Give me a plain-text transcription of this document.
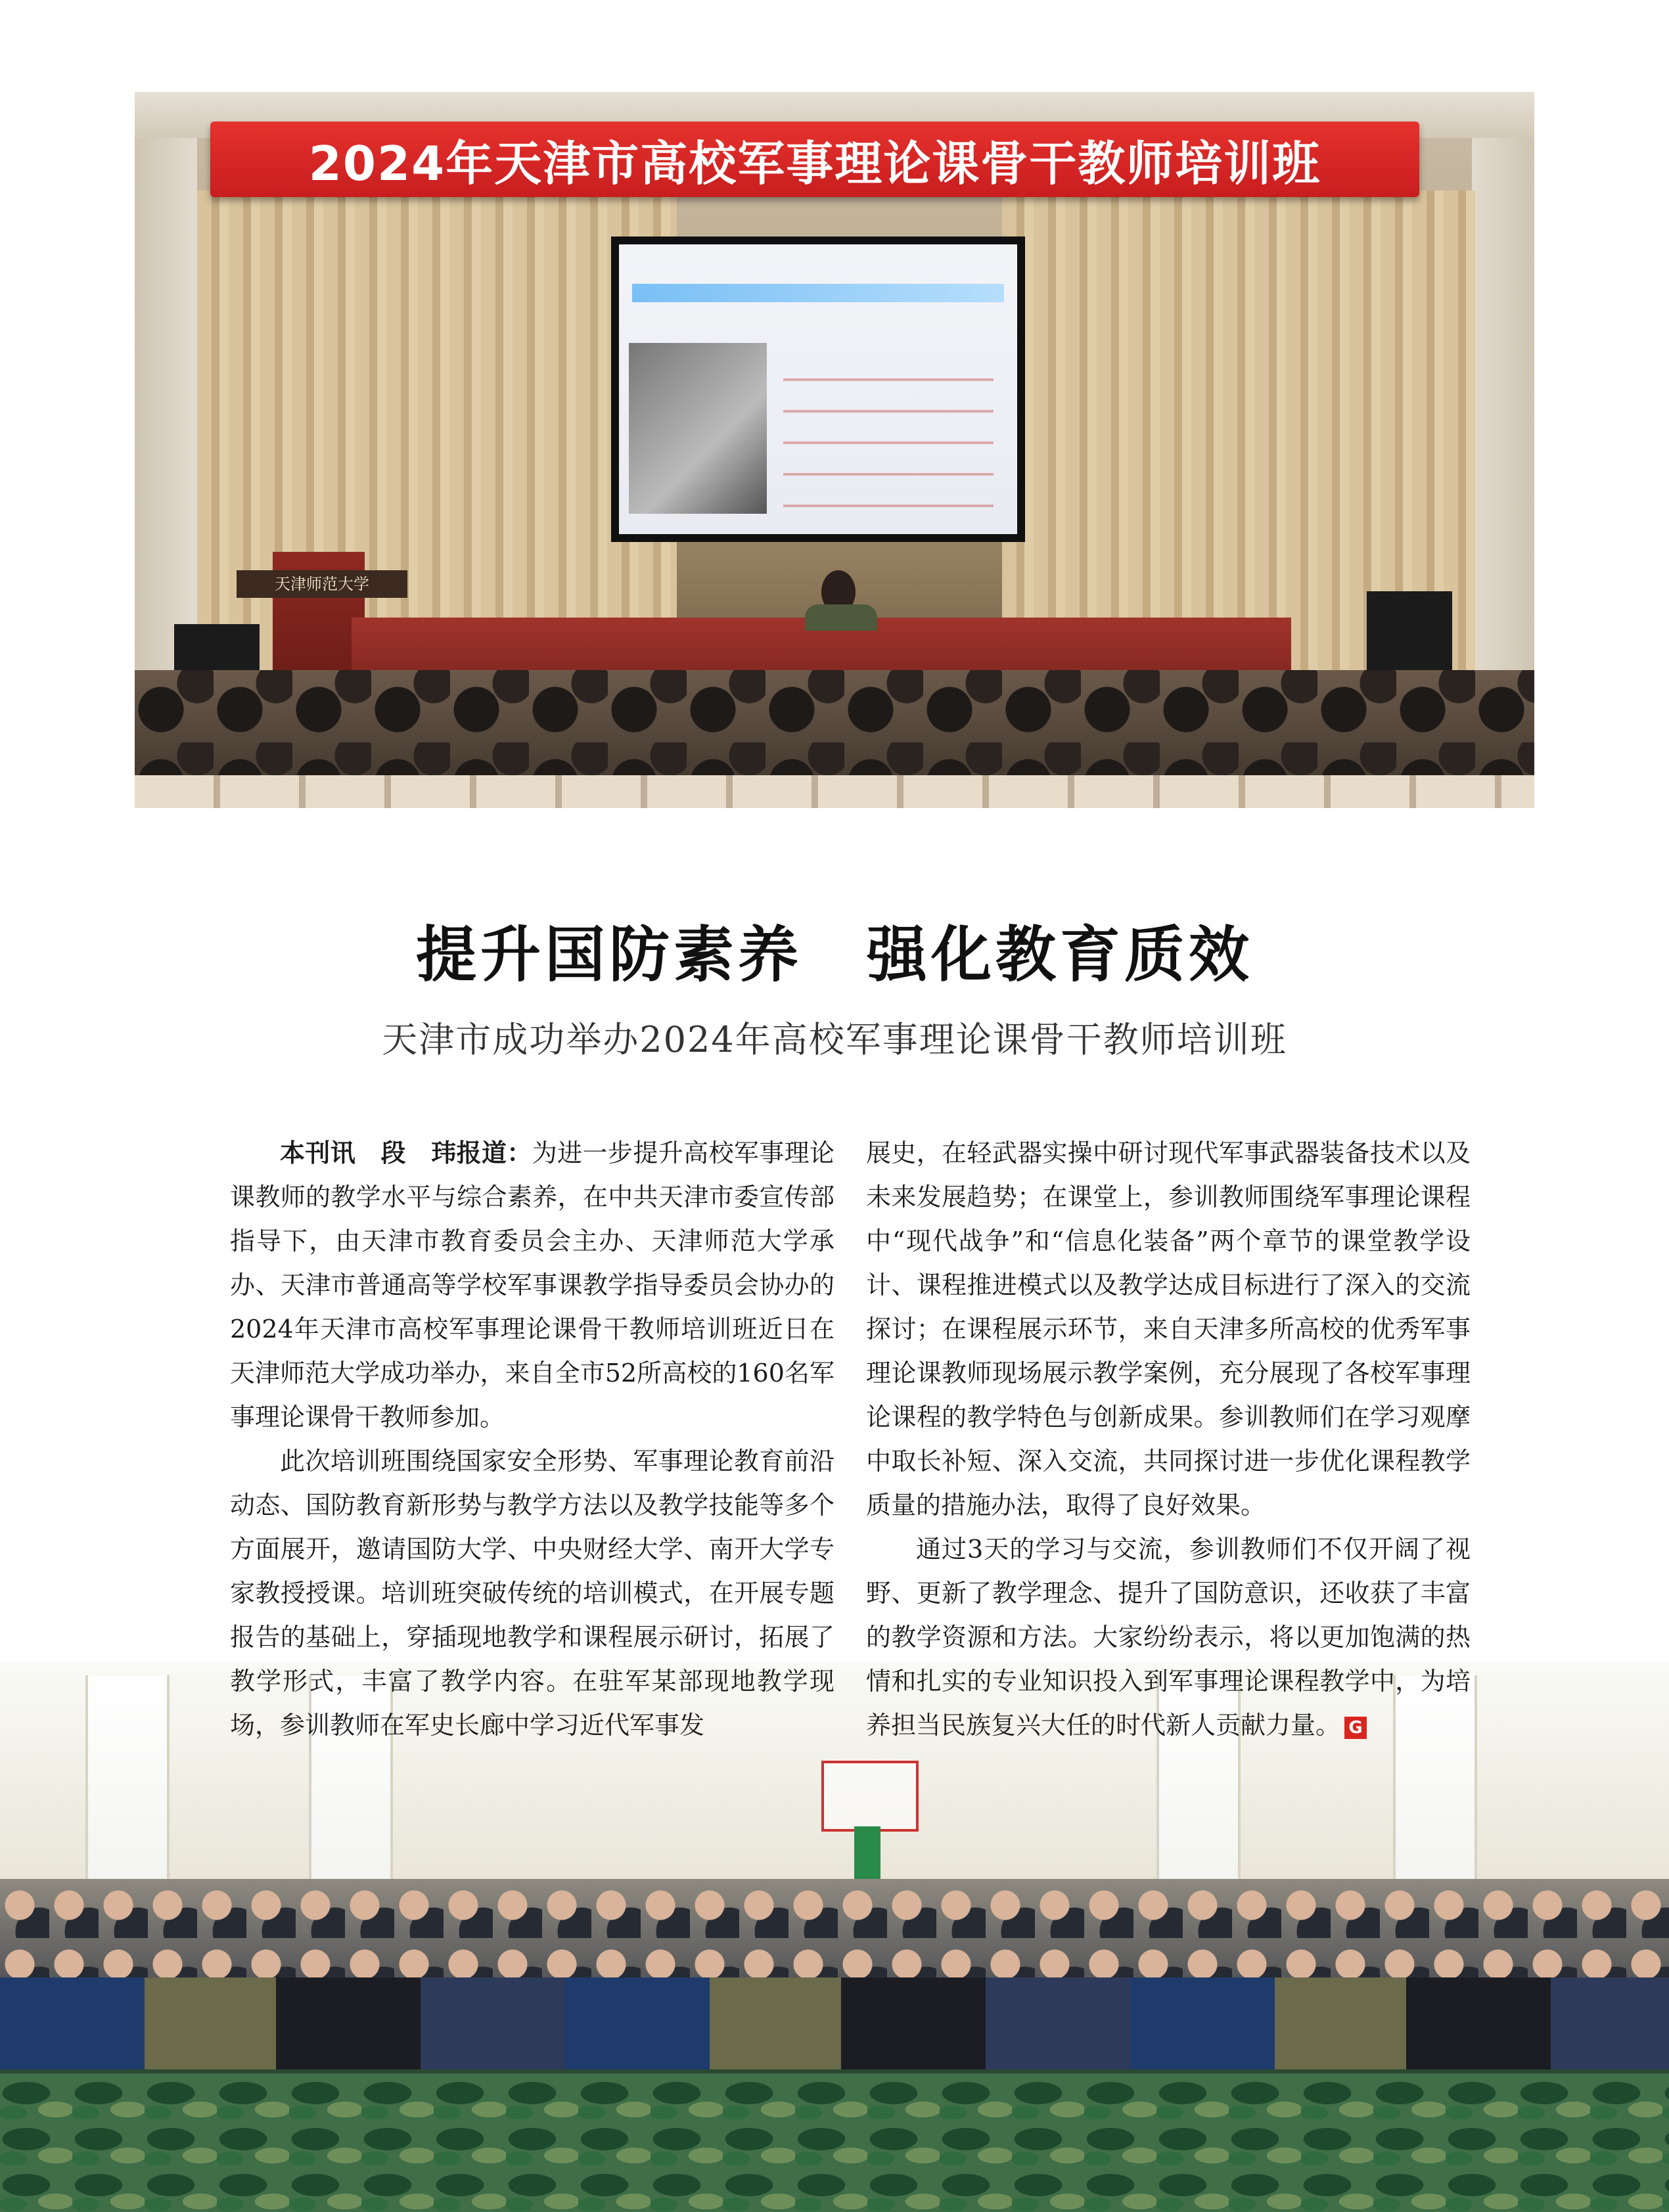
2024年天津市高校军事理论课骨干教师培训班
天津师范大学
提升国防素养　强化教育质效
天津市成功举办2024年高校军事理论课骨干教师培训班

本刊讯　段　玮报道：为进一步提升高校军事理论课教师的教学水平与综合素养，在中共天津市委宣传部指导下，由天津市教育委员会主办、天津师范大学承办、天津市普通高等学校军事课教学指导委员会协办的2024年天津市高校军事理论课骨干教师培训班近日在天津师范大学成功举办，来自全市52所高校的160名军事理论课骨干教师参加。

此次培训班围绕国家安全形势、军事理论教育前沿动态、国防教育新形势与教学方法以及教学技能等多个方面展开，邀请国防大学、中央财经大学、南开大学专家教授授课。培训班突破传统的培训模式，在开展专题报告的基础上，穿插现地教学和课程展示研讨，拓展了教学形式，丰富了教学内容。在驻军某部现地教学现场，参训教师在军史长廊中学习近代军事发

展史，在轻武器实操中研讨现代军事武器装备技术以及未来发展趋势；在课堂上，参训教师围绕军事理论课程中“现代战争”和“信息化装备”两个章节的课堂教学设计、课程推进模式以及教学达成目标进行了深入的交流探讨；在课程展示环节，来自天津多所高校的优秀军事理论课教师现场展示教学案例，充分展现了各校军事理论课程的教学特色与创新成果。参训教师们在学习观摩中取长补短、深入交流，共同探讨进一步优化课程教学质量的措施办法，取得了良好效果。

通过3天的学习与交流，参训教师们不仅开阔了视野、更新了教学理念、提升了国防意识，还收获了丰富的教学资源和方法。大家纷纷表示，将以更加饱满的热情和扎实的专业知识投入到军事理论课程教学中，为培养担当民族复兴大任的时代新人贡献力量。 G
